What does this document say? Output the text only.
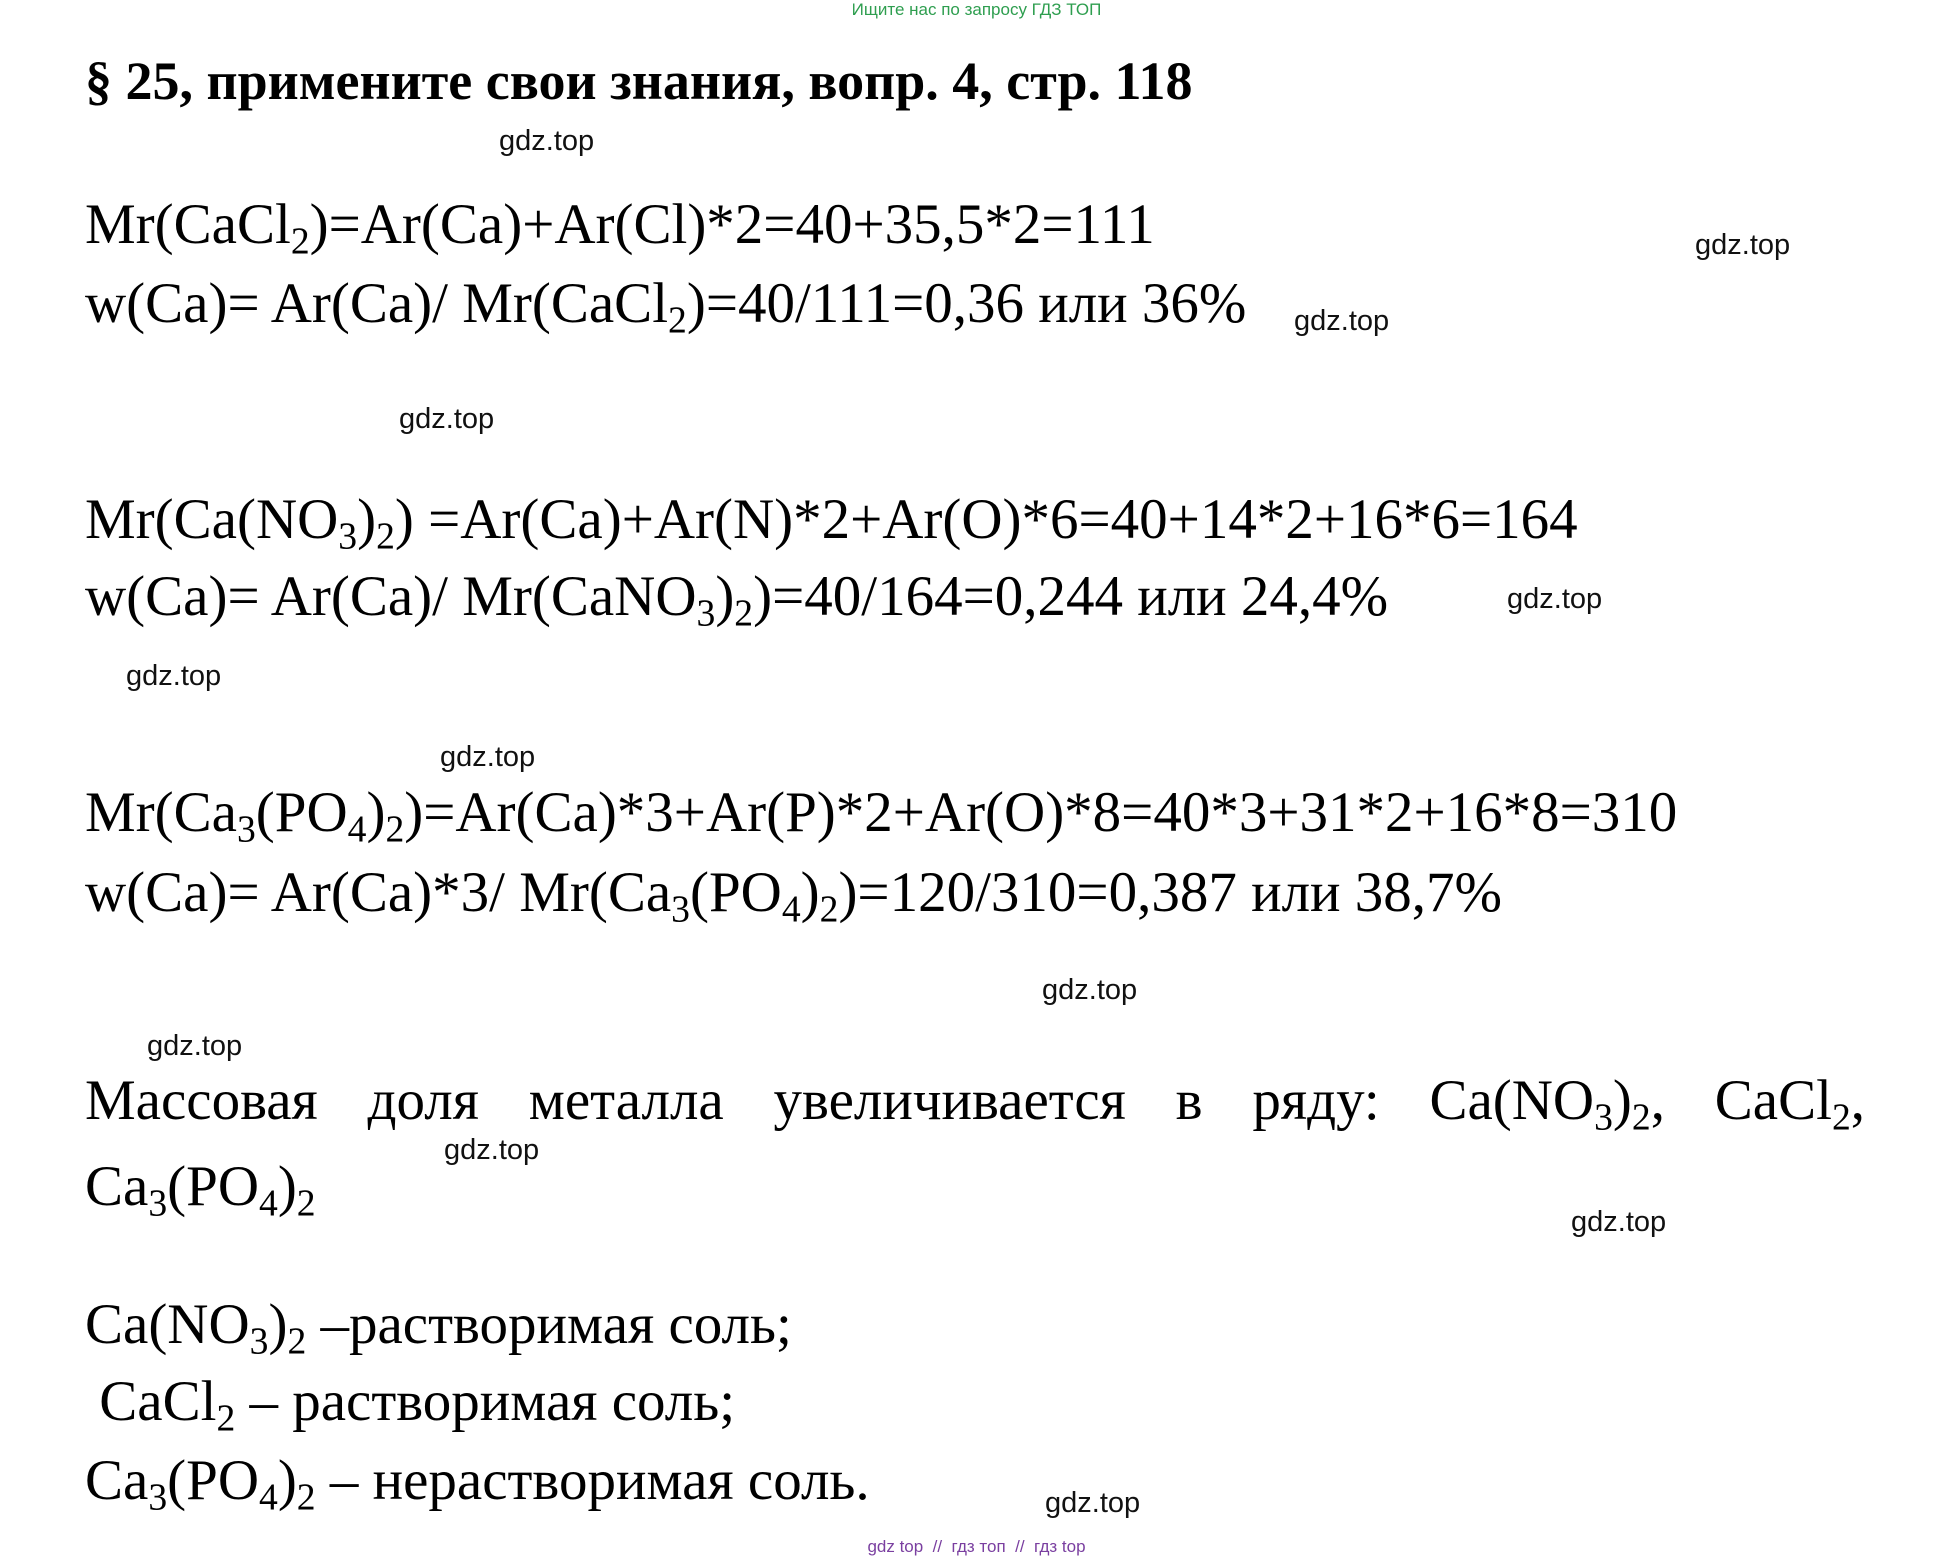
Ищите нас по запросу ГДЗ ТОП
§ 25, примените свои знания, вопр. 4, стр. 118
gdz.top
gdz.top
gdz.top
gdz.top
gdz.top
gdz.top
gdz.top
gdz.top
gdz.top
gdz.top
gdz.top
gdz.top
Mr(CaCl$_2$)=Ar(Ca)+Ar(Cl)*2=40+35,5*2=111
w(Ca)= Ar(Ca)/ Mr(CaCl$_2$)=40/111=0,36 или 36%
$Mr(Ca(NO_3)_2) =Ar(Ca)+Ar(N)*2+Ar(O)*6=40+14*2+16*6=164$
w(Ca)= Ar(Ca)/ $Mr(CaNO_3)_2)=40/164=0,244$ или 24,4%
$Mr(Ca_3(PO_4)_2)=Ar(Ca)*3+Ar(P)*2+Ar(O)*8=40*3+31*2+16*8=310$
w(Ca)= Ar(Ca)*3/ $Mr(Ca_3(PO_4)_2)=120/310=0,387$ или 38,7%
Массовая доля металла увеличивается в ряду: $Ca(NO_3)_2$, CaCl$_2$,
$Ca_3(PO_4)_2$
$Ca(NO_3)_2$ –растворимая соль;
CaCl$_2$ – растворимая соль;
$Ca_3(PO_4)_2$ – нерастворимая соль.
gdz top  //  гдз топ  //  гдз top
